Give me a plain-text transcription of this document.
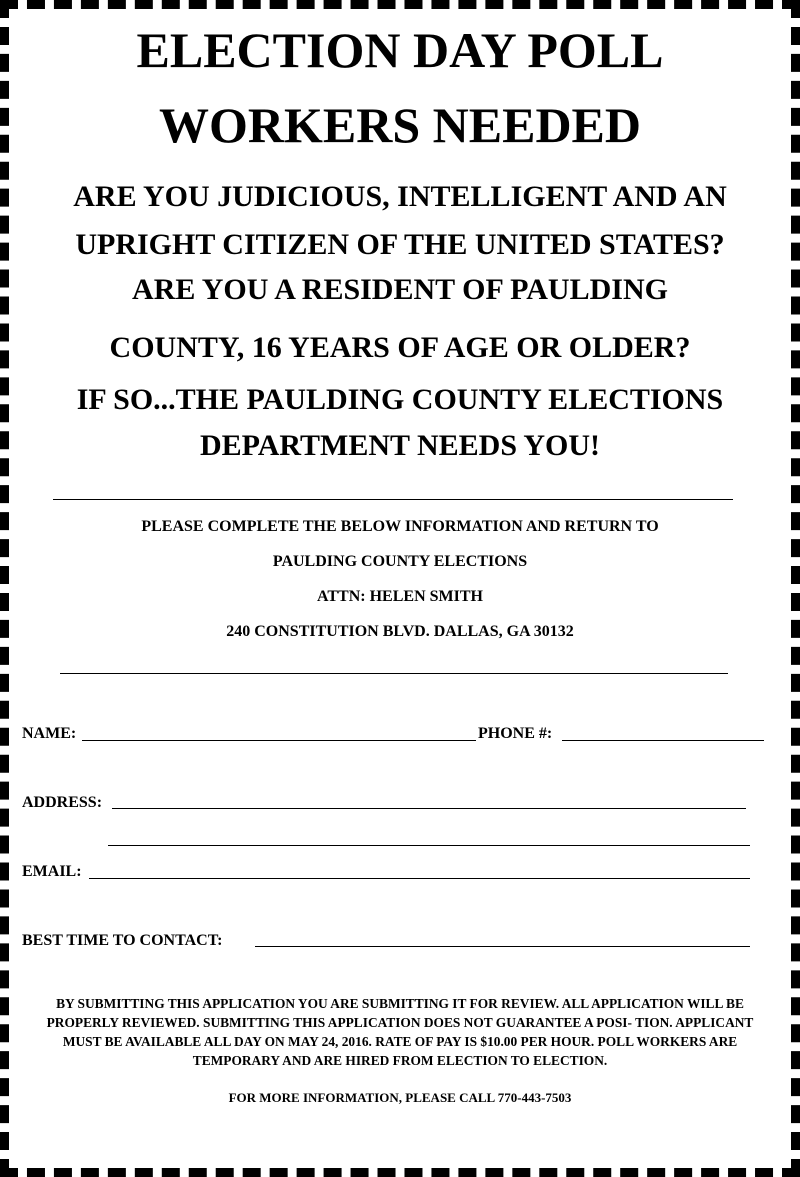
ELECTION DAY POLL
WORKERS NEEDED
ARE YOU JUDICIOUS, INTELLIGENT AND AN
UPRIGHT CITIZEN OF THE UNITED STATES?
ARE YOU A RESIDENT OF PAULDING
COUNTY, 16 YEARS OF AGE OR OLDER?
IF SO...THE PAULDING COUNTY ELECTIONS
DEPARTMENT NEEDS YOU!
PLEASE COMPLETE THE BELOW INFORMATION AND RETURN TO
PAULDING COUNTY ELECTIONS
ATTN: HELEN SMITH
240 CONSTITUTION BLVD. DALLAS, GA 30132
NAME:	PHONE #:
ADDRESS:
EMAIL:
BEST TIME TO CONTACT:
BY SUBMITTING THIS APPLICATION YOU ARE SUBMITTING IT FOR REVIEW. ALL APPLICATION WILL BE PROPERLY REVIEWED. SUBMITTING THIS APPLICATION DOES NOT GUARANTEE A POSI- TION. APPLICANT MUST BE AVAILABLE ALL DAY ON MAY 24, 2016. RATE OF PAY IS $10.00 PER HOUR. POLL WORKERS ARE TEMPORARY AND ARE HIRED FROM ELECTION TO ELECTION.
FOR MORE INFORMATION, PLEASE CALL 770-443-7503
